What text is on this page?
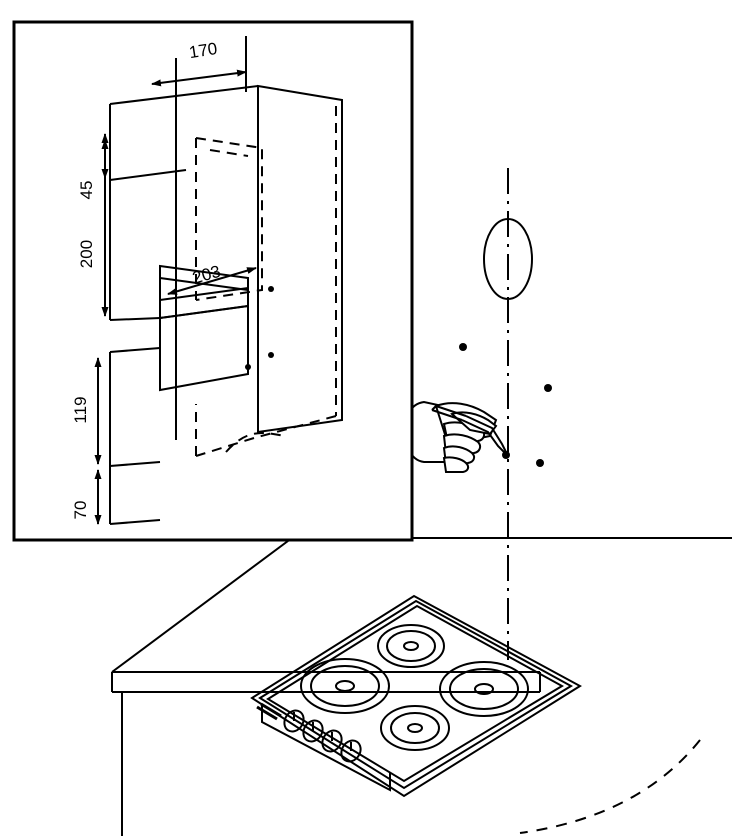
170
45
200
203
119
70
